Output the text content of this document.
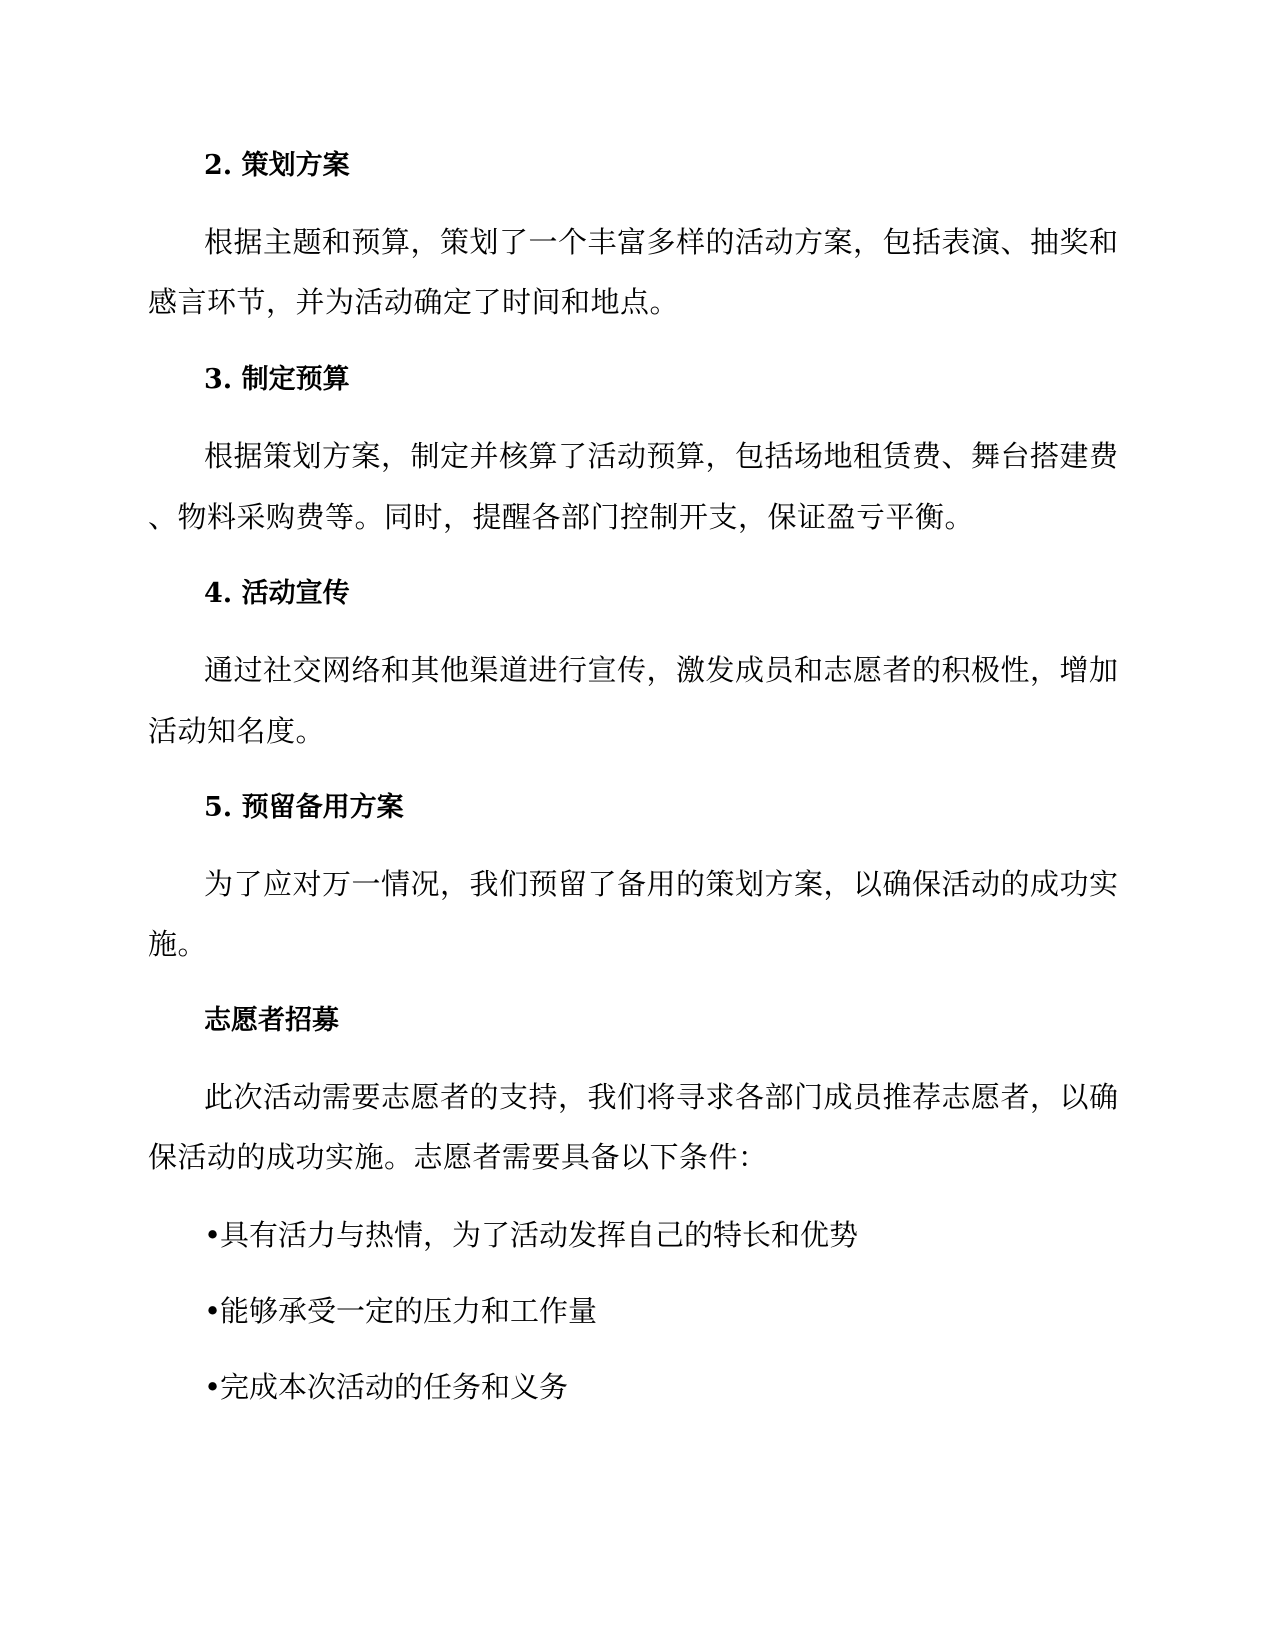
2. 策划方案
根据主题和预算，策划了一个丰富多样的活动方案，包括表演、抽奖和
感言环节，并为活动确定了时间和地点。
3. 制定预算
根据策划方案，制定并核算了活动预算，包括场地租赁费、舞台搭建费
、物料采购费等。同时，提醒各部门控制开支，保证盈亏平衡。
4. 活动宣传
通过社交网络和其他渠道进行宣传，激发成员和志愿者的积极性，增加
活动知名度。
5. 预留备用方案
为了应对万一情况，我们预留了备用的策划方案，以确保活动的成功实
施。
志愿者招募
此次活动需要志愿者的支持，我们将寻求各部门成员推荐志愿者，以确
保活动的成功实施。志愿者需要具备以下条件：
•具有活力与热情，为了活动发挥自己的特长和优势
•能够承受一定的压力和工作量
•完成本次活动的任务和义务
